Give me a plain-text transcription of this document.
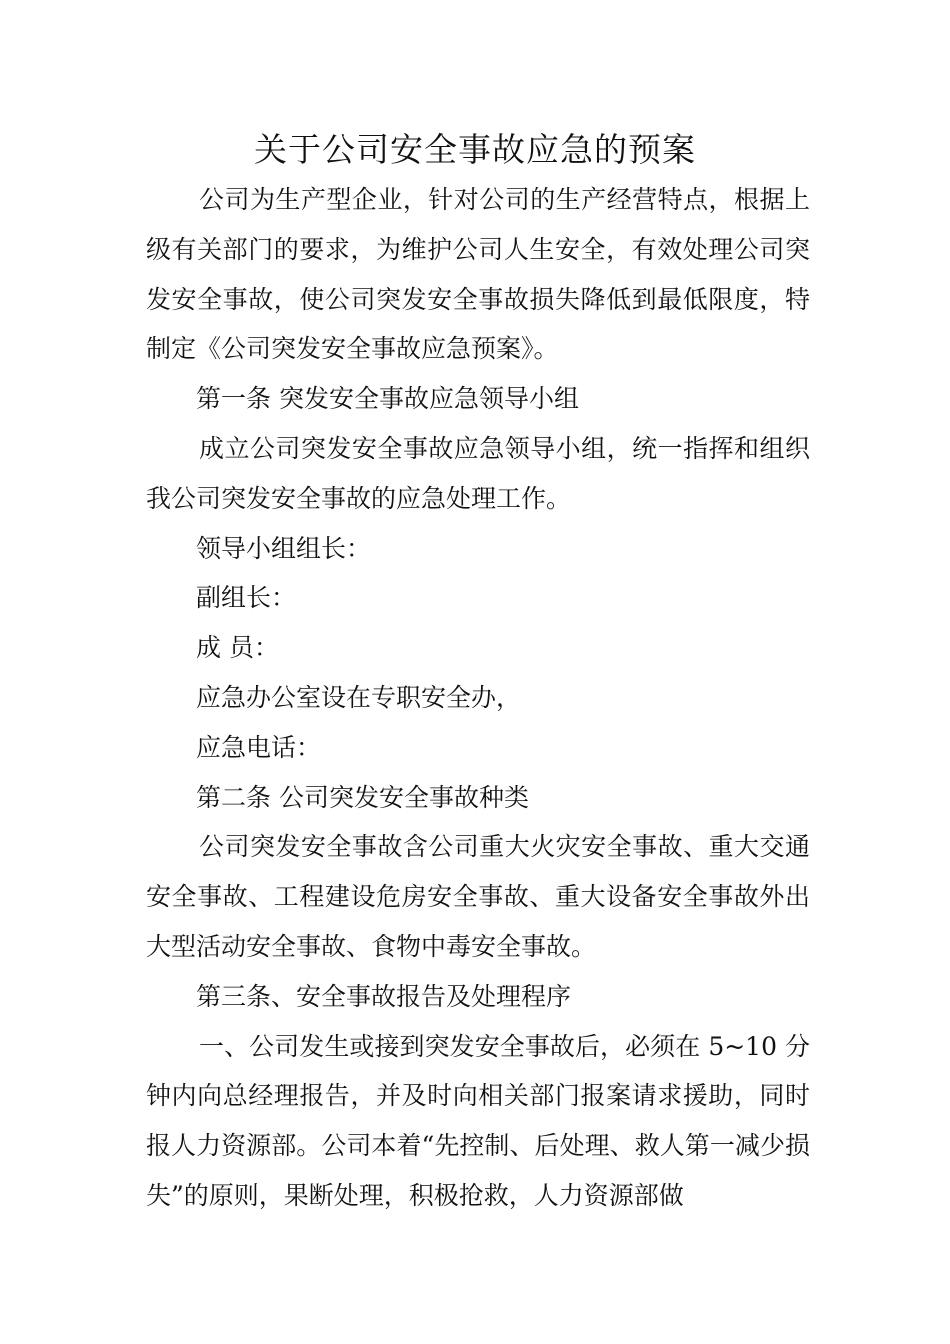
关于公司安全事故应急的预案

公司为生产型企业，针对公司的生产经营特点，根据上级有关部门的要求，为维护公司人生安全，有效处理公司突发安全事故，使公司突发安全事故损失降低到最低限度，特制定《公司突发安全事故应急预案》。

第一条 突发安全事故应急领导小组

成立公司突发安全事故应急领导小组，统一指挥和组织我公司突发安全事故的应急处理工作。

领导小组组长：

副组长：

成 员：

应急办公室设在专职安全办，

应急电话：

第二条 公司突发安全事故种类

公司突发安全事故含公司重大火灾安全事故、重大交通安全事故、工程建设危房安全事故、重大设备安全事故外出大型活动安全事故、食物中毒安全事故。

第三条、安全事故报告及处理程序

一、公司发生或接到突发安全事故后，必须在 5~10 分钟内向总经理报告，并及时向相关部门报案请求援助，同时报人力资源部。公司本着“先控制、后处理、救人第一减少损失”的原则，果断处理，积极抢救，人力资源部做
